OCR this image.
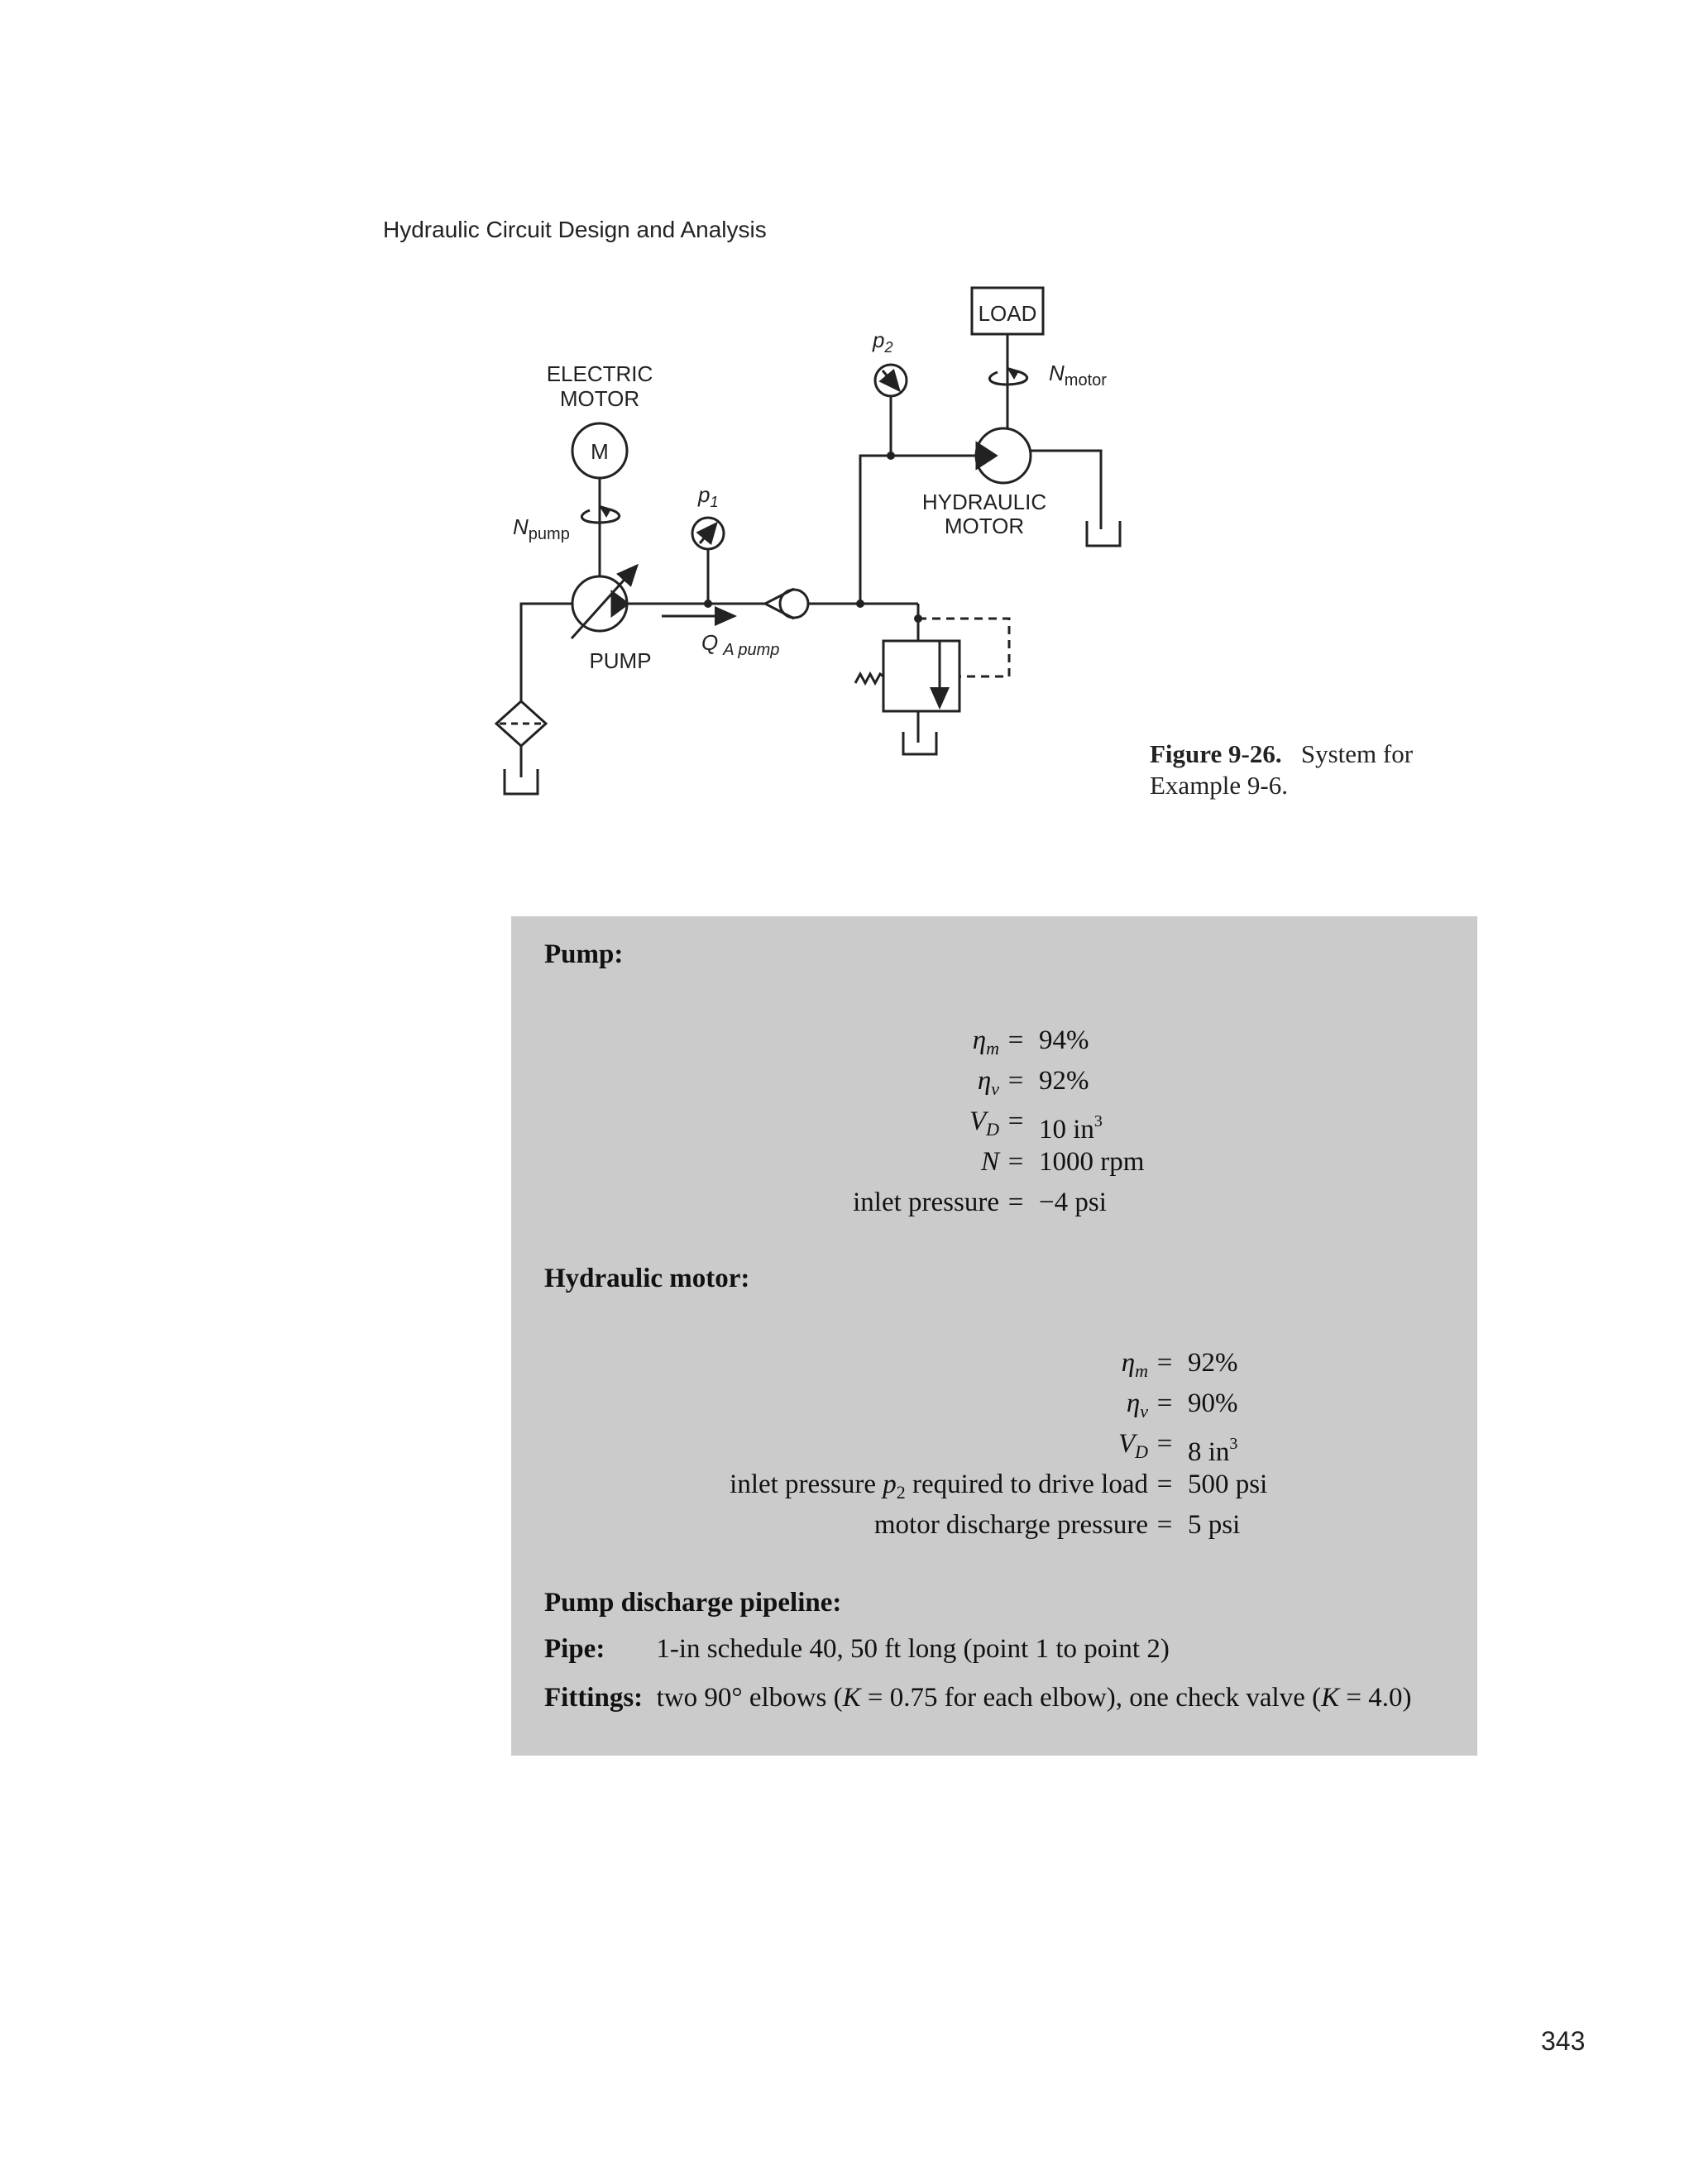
Hydraulic Circuit Design and Analysis
LOAD
$p_2$
$N_{motor}$
ELECTRIC
MOTOR
M
HYDRAULIC
MOTOR
$p_1$
$N_{pump}$
PUMP
Q $_{A pump}$
Figure 9-26. System for Example 9-6.
Pump:
$\eta_m = 94\%$
$\eta_v = 92\%$
$V_D = 10$ $in^3$
N = 1000 rpm
inlet pressure = −4 psi
Hydraulic motor:
$\eta_m = 92\%$
$\eta_v = 90\%$
$V_D = 8$ $in^3$
inlet pressure $p_2$ required to drive load = 500 psi
motor discharge pressure = 5 psi
Pump discharge pipeline:
Pipe: 1-in schedule 40, 50 ft long (point 1 to point 2)
Fittings: two 90° elbows (K = 0.75 for each elbow), one check valve (K = 4.0)
343
